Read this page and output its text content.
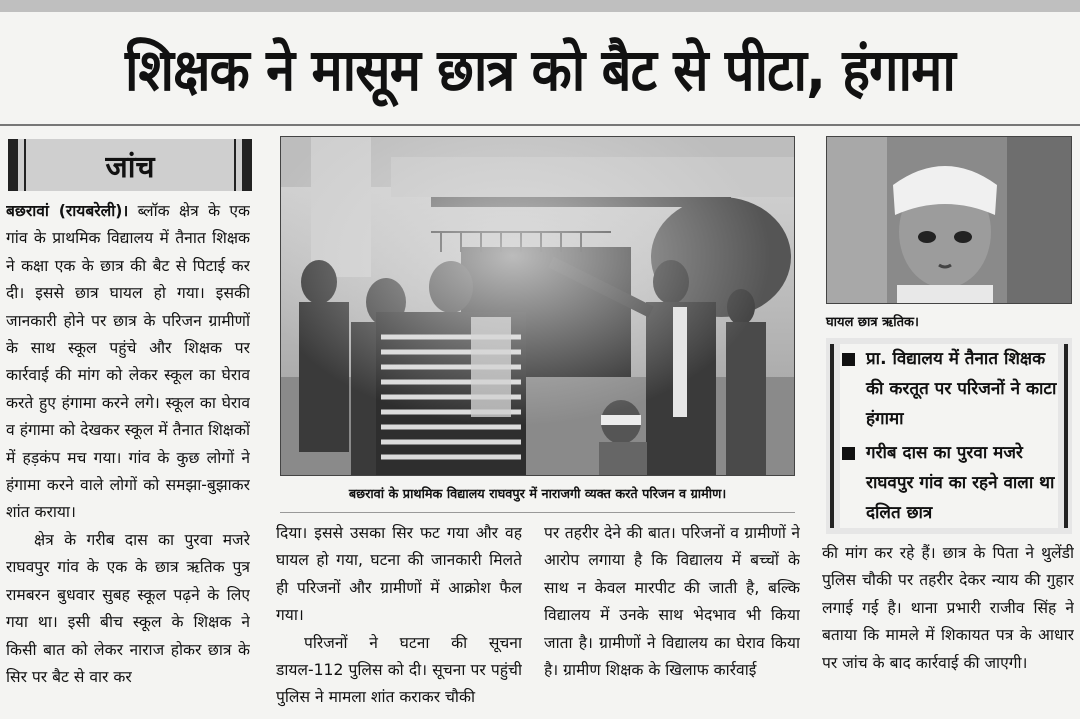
शिक्षक ने मासूम छात्र को बैट से पीटा, हंगामा
जांच

बछरावां (रायबरेली)। ब्लॉक क्षेत्र के एक गांव के प्राथमिक विद्यालय में तैनात शिक्षक ने कक्षा एक के छात्र की बैट से पिटाई कर दी। इससे छात्र घायल हो गया। इसकी जानकारी होने पर छात्र के परिजन ग्रामीणों के साथ स्कूल पहुंचे और शिक्षक पर कार्रवाई की मांग को लेकर स्कूल का घेराव करते हुए हंगामा करने लगे। स्कूल का घेराव व हंगामा को देखकर स्कूल में तैनात शिक्षकों में हड़कंप मच गया। गांव के कुछ लोगों ने हंगामा करने वाले लोगों को समझा-बुझाकर शांत कराया।

क्षेत्र के गरीब दास का पुरवा मजरे राघवपुर गांव के एक के छात्र ऋतिक पुत्र रामबरन बुधवार सुबह स्कूल पढ़ने के लिए गया था। इसी बीच स्कूल के शिक्षक ने किसी बात को लेकर नाराज होकर छात्र के सिर पर बैट से वार कर

बछरावां के प्राथमिक विद्यालय राघवपुर में नाराजगी व्यक्त करते परिजन व ग्रामीण।
घायल छात्र ऋतिक।
प्रा. विद्यालय में तैनात शिक्षक की करतूत पर परिजनों ने काटा हंगामा
गरीब दास का पुरवा मजरे राघवपुर गांव का रहने वाला था दलित छात्र

दिया। इससे उसका सिर फट गया और वह घायल हो गया, घटना की जानकारी मिलते ही परिजनों और ग्रामीणों में आक्रोश फैल गया।

परिजनों ने घटना की सूचना डायल-112 पुलिस को दी। सूचना पर पहुंची पुलिस ने मामला शांत कराकर चौकी

पर तहरीर देने की बात। परिजनों व ग्रामीणों ने आरोप लगाया है कि विद्यालय में बच्चों के साथ न केवल मारपीट की जाती है, बल्कि विद्यालय में उनके साथ भेदभाव भी किया जाता है। ग्रामीणों ने विद्यालय का घेराव किया है। ग्रामीण शिक्षक के खिलाफ कार्रवाई

की मांग कर रहे हैं। छात्र के पिता ने थुलेंडी पुलिस चौकी पर तहरीर देकर न्याय की गुहार लगाई गई है। थाना प्रभारी राजीव सिंह ने बताया कि मामले में शिकायत पत्र के आधार पर जांच के बाद कार्रवाई की जाएगी।
